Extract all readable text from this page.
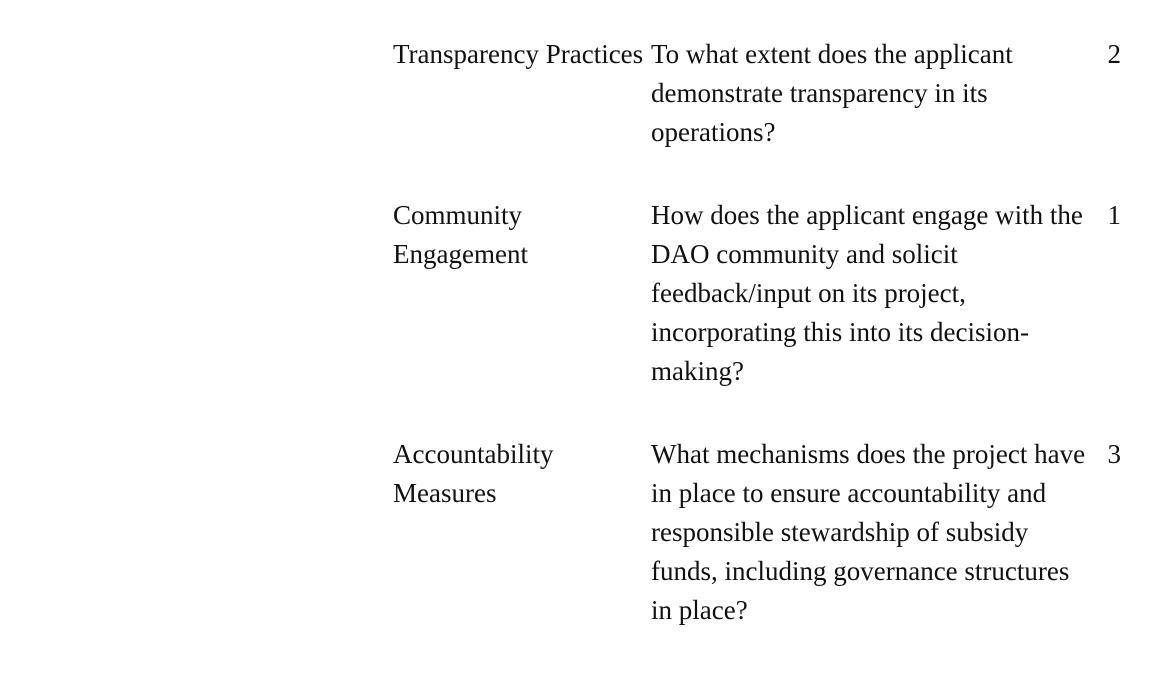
Transparency Practices To what extent does the applicant demonstrate transparency in its operations?
2
Community Engagement
How does the applicant engage with the DAO community and solicit feedback/input on its project, incorporating this into its decision-making?
1
Accountability Measures
What mechanisms does the project have in place to ensure accountability and responsible stewardship of subsidy funds, including governance structures in place?
3
